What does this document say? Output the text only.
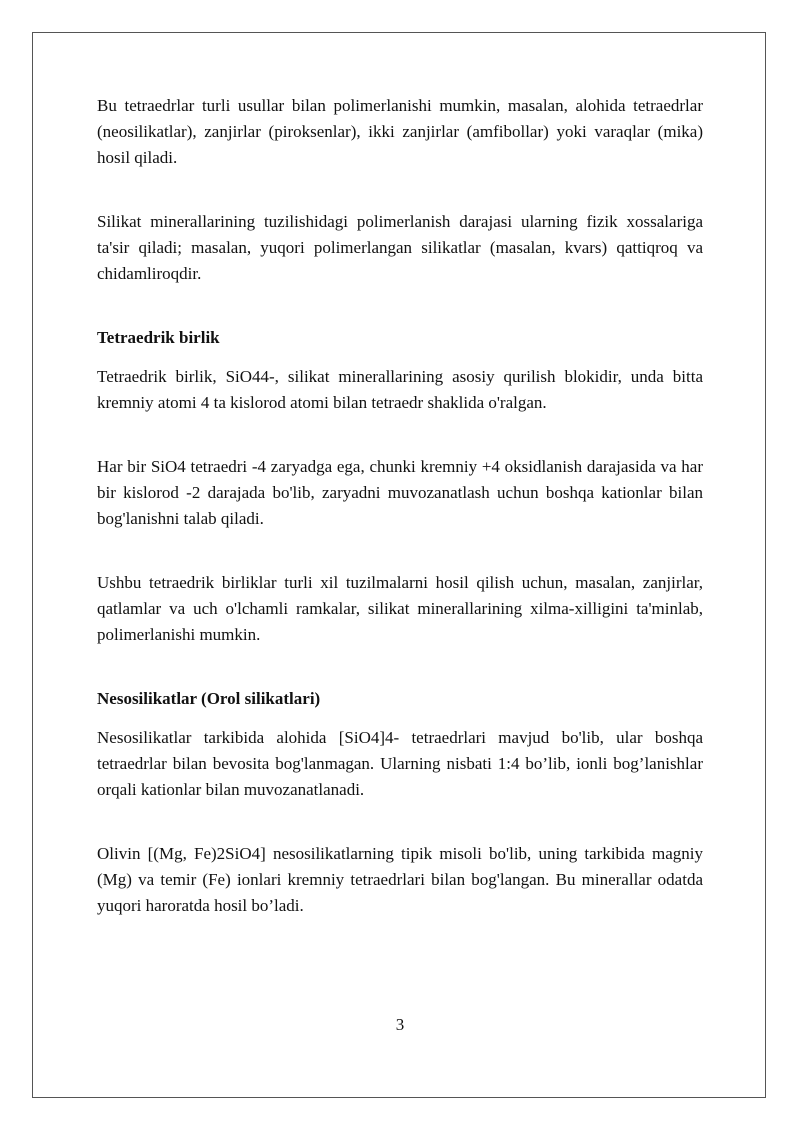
Bu tetraedrlar turli usullar bilan polimerlanishi mumkin, masalan, alohida tetraedrlar (neosilikatlar), zanjirlar (piroksenlar), ikki zanjirlar (amfibollar) yoki varaqlar (mika) hosil qiladi.

Silikat minerallarining tuzilishidagi polimerlanish darajasi ularning fizik xossalariga ta'sir qiladi; masalan, yuqori polimerlangan silikatlar (masalan, kvars) qattiqroq va chidamliroqdir.

Tetraedrik birlik

Tetraedrik birlik, SiO44-, silikat minerallarining asosiy qurilish blokidir, unda bitta kremniy atomi 4 ta kislorod atomi bilan tetraedr shaklida o'ralgan.

Har bir SiO4 tetraedri -4 zaryadga ega, chunki kremniy +4 oksidlanish darajasida va har bir kislorod -2 darajada bo'lib, zaryadni muvozanatlash uchun boshqa kationlar bilan bog'lanishni talab qiladi.

Ushbu tetraedrik birliklar turli xil tuzilmalarni hosil qilish uchun, masalan, zanjirlar, qatlamlar va uch o'lchamli ramkalar, silikat minerallarining xilma-xilligini ta'minlab, polimerlanishi mumkin.

Nesosilikatlar (Orol silikatlari)

Nesosilikatlar tarkibida alohida [SiO4]4- tetraedrlari mavjud bo'lib, ular boshqa tetraedrlar bilan bevosita bog'lanmagan. Ularning nisbati 1:4 bo’lib, ionli bog’lanishlar orqali kationlar bilan muvozanatlanadi.

Olivin [(Mg, Fe)2SiO4] nesosilikatlarning tipik misoli bo'lib, uning tarkibida magniy (Mg) va temir (Fe) ionlari kremniy tetraedrlari bilan bog'langan. Bu minerallar odatda yuqori haroratda hosil bo’ladi.

3
